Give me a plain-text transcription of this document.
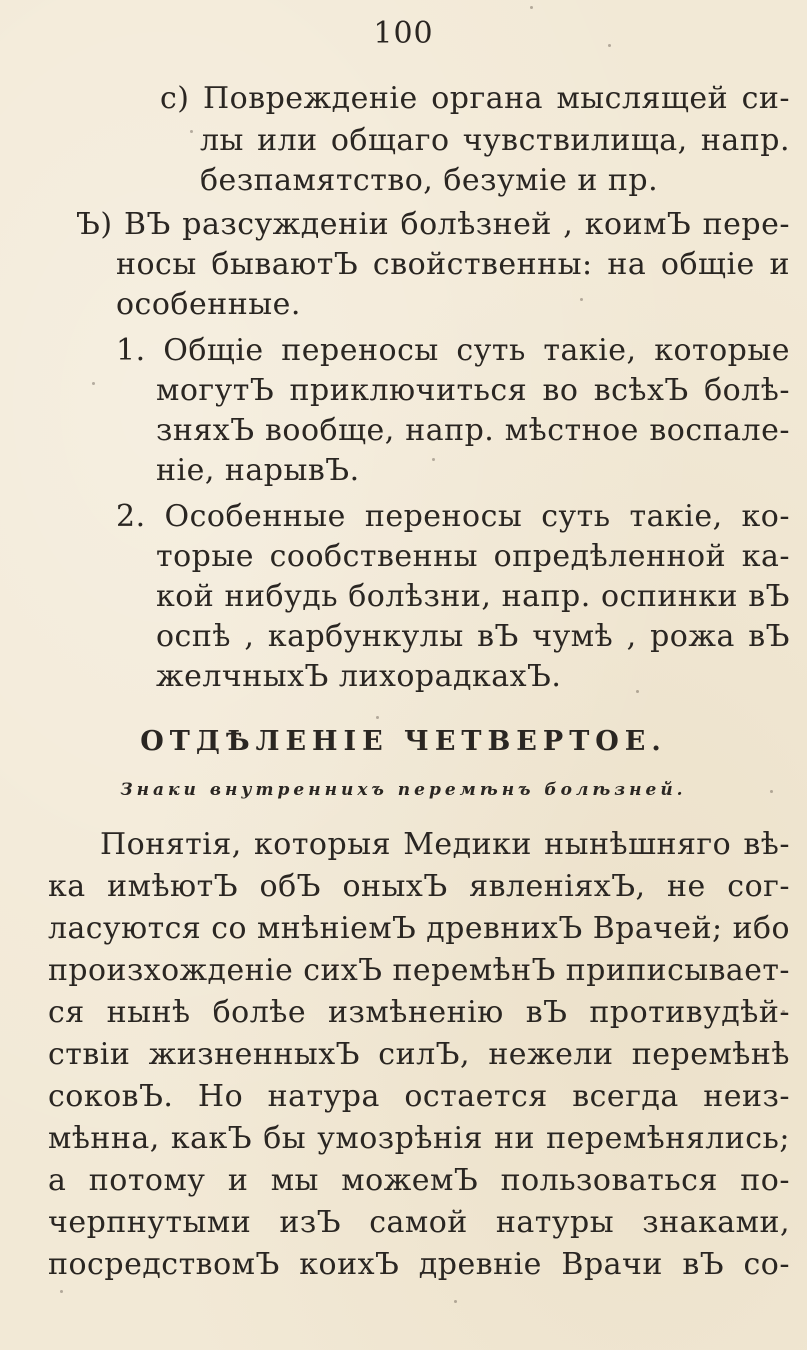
100
c) Поврежденіе органа мыслящей си-
лы или общаго чувствилища, напр.
безпамятство, безуміе и пр.
Ъ) ВЪ разсужденіи болѣзней , коимЪ пере-
носы бываютЪ свойственны: на общіе и
особенные.
1. Общіе переносы суть такіе, которые
могутЪ приключиться во всѣхЪ болѣ-
зняхЪ вообще, напр. мѣстное воспале-
ніе, нарывЪ.
2. Особенные переносы суть такіе, ко-
торые сообственны опредѣленной ка-
кой нибудь болѣзни, напр. оспинки вЪ
оспѣ , карбункулы вЪ чумѣ , рожа вЪ
желчныхЪ лихорадкахЪ.
ОТДѢЛЕНІЕ ЧЕТВЕРТОЕ.
Знаки внутреннихъ перемѣнъ болѣзней.
Понятія, которыя Медики нынѣшняго вѣ-
ка имѣютЪ обЪ оныхЪ явленіяхЪ, не сог-
ласуются со мнѣніемЪ древнихЪ Врачей; ибо
произхожденіе сихЪ перемѣнЪ приписывает-
ся нынѣ болѣе измѣненію вЪ противудѣй-
ствіи жизненныхЪ силЪ, нежели перемѣнѣ
соковЪ. Но натура остается всегда неиз-
мѣнна, какЪ бы умозрѣнія ни перемѣнялись;
а потому и мы можемЪ пользоваться по-
черпнутыми изЪ самой натуры знаками,
посредствомЪ коихЪ древніе Врачи вЪ со-
